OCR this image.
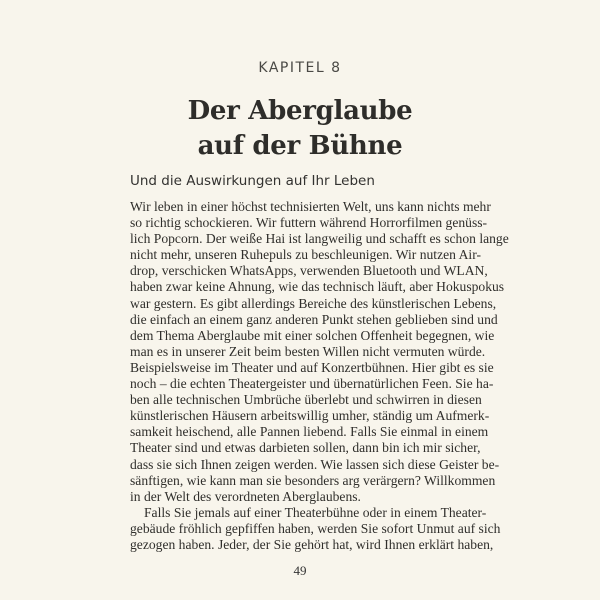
KAPITEL 8
Der Aberglaube
auf der Bühne
Und die Auswirkungen auf Ihr Leben
Wir leben in einer höchst technisierten Welt, uns kann nichts mehr
so richtig schockieren. Wir futtern während Horrorfilmen genüss-
lich Popcorn. Der weiße Hai ist langweilig und schafft es schon lange
nicht mehr, unseren Ruhepuls zu beschleunigen. Wir nutzen Air-
drop, verschicken WhatsApps, verwenden Bluetooth und WLAN,
haben zwar keine Ahnung, wie das technisch läuft, aber Hokuspokus
war gestern. Es gibt allerdings Bereiche des künstlerischen Lebens,
die einfach an einem ganz anderen Punkt stehen geblieben sind und
dem Thema Aberglaube mit einer solchen Offenheit begegnen, wie
man es in unserer Zeit beim besten Willen nicht vermuten würde.
Beispielsweise im Theater und auf Konzertbühnen. Hier gibt es sie
noch – die echten Theatergeister und übernatürlichen Feen. Sie ha-
ben alle technischen Umbrüche überlebt und schwirren in diesen
künstlerischen Häusern arbeitswillig umher, ständig um Aufmerk-
samkeit heischend, alle Pannen liebend. Falls Sie einmal in einem
Theater sind und etwas darbieten sollen, dann bin ich mir sicher,
dass sie sich Ihnen zeigen werden. Wie lassen sich diese Geister be-
sänftigen, wie kann man sie besonders arg verärgern? Willkommen
in der Welt des verordneten Aberglaubens.
Falls Sie jemals auf einer Theaterbühne oder in einem Theater-
gebäude fröhlich gepfiffen haben, werden Sie sofort Unmut auf sich
gezogen haben. Jeder, der Sie gehört hat, wird Ihnen erklärt haben,
49
